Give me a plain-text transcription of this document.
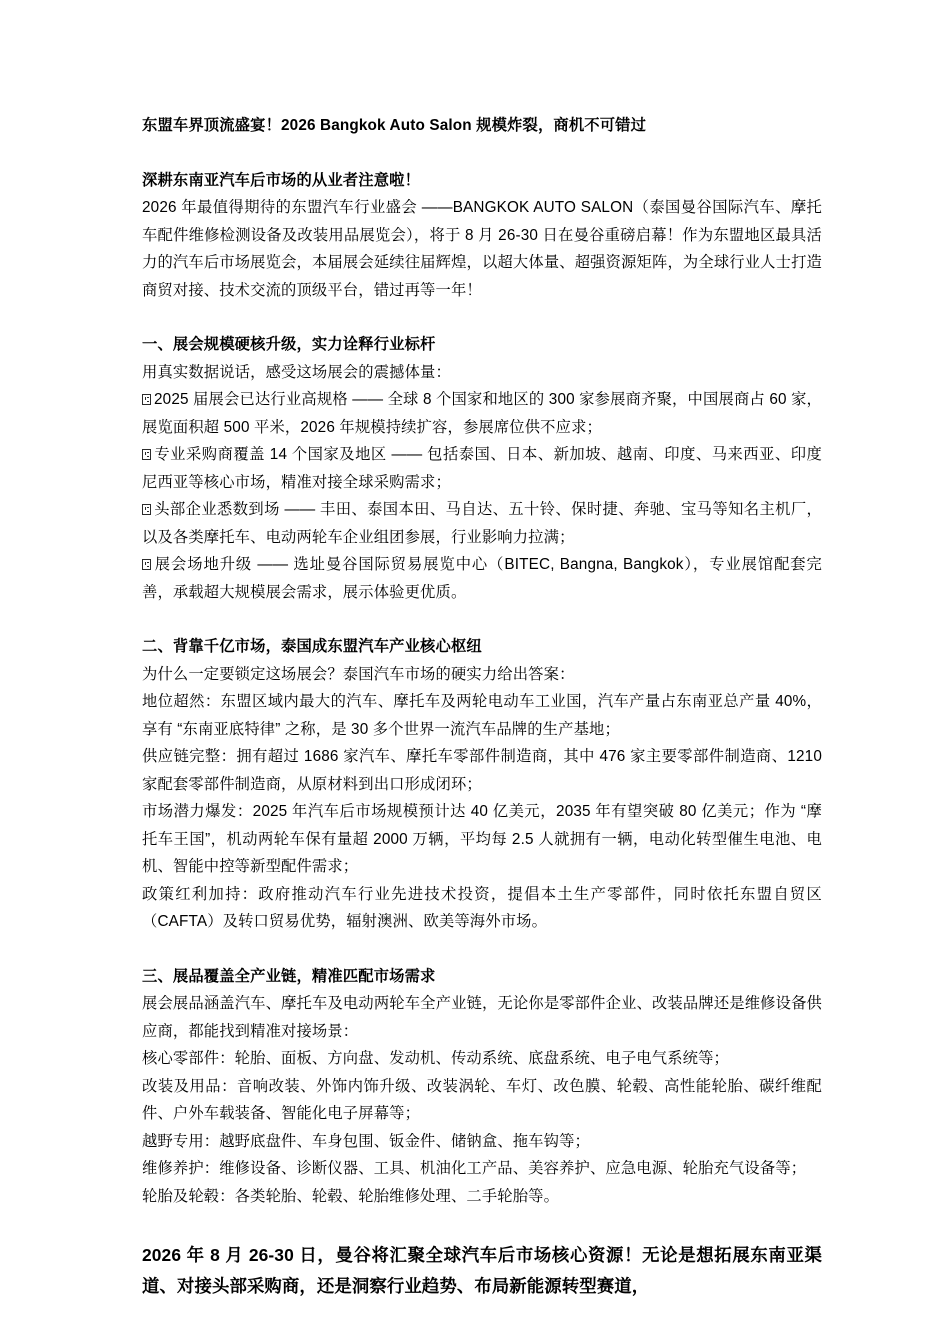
东盟车界顶流盛宴！2026 Bangkok Auto Salon 规模炸裂，商机不可错过

深耕东南亚汽车后市场的从业者注意啦！

2026 年最值得期待的东盟汽车行业盛会 ——BANGKOK AUTO SALON（泰国曼谷国际汽车、摩托车配件维修检测设备及改装用品展览会），将于 8 月 26-30 日在曼谷重磅启幕！作为东盟地区最具活力的汽车后市场展览会，本届展会延续往届辉煌，以超大体量、超强资源矩阵，为全球行业人士打造商贸对接、技术交流的顶级平台，错过再等一年！

一、展会规模硬核升级，实力诠释行业标杆

用真实数据说话，感受这场展会的震撼体量：

2025 届展会已达行业高规格 —— 全球 8 个国家和地区的 300 家参展商齐聚，中国展商占 60 家，展览面积超 500 平米，2026 年规模持续扩容，参展席位供不应求；

专业采购商覆盖 14 个国家及地区 —— 包括泰国、日本、新加坡、越南、印度、马来西亚、印度尼西亚等核心市场，精准对接全球采购需求；

头部企业悉数到场 —— 丰田、泰国本田、马自达、五十铃、保时捷、奔驰、宝马等知名主机厂，以及各类摩托车、电动两轮车企业组团参展，行业影响力拉满；

展会场地升级 —— 选址曼谷国际贸易展览中心（BITEC, Bangna, Bangkok），专业展馆配套完善，承载超大规模展会需求，展示体验更优质。

二、背靠千亿市场，泰国成东盟汽车产业核心枢纽

为什么一定要锁定这场展会？泰国汽车市场的硬实力给出答案：

地位超然：东盟区域内最大的汽车、摩托车及两轮电动车工业国，汽车产量占东南亚总产量 40%，享有 “东南亚底特律” 之称，是 30 多个世界一流汽车品牌的生产基地；

供应链完整：拥有超过 1686 家汽车、摩托车零部件制造商，其中 476 家主要零部件制造商、1210 家配套零部件制造商，从原材料到出口形成闭环；

市场潜力爆发：2025 年汽车后市场规模预计达 40 亿美元，2035 年有望突破 80 亿美元；作为 “摩托车王国”，机动两轮车保有量超 2000 万辆，平均每 2.5 人就拥有一辆，电动化转型催生电池、电机、智能中控等新型配件需求；

政策红利加持：政府推动汽车行业先进技术投资，提倡本土生产零部件，同时依托东盟自贸区（CAFTA）及转口贸易优势，辐射澳洲、欧美等海外市场。

三、展品覆盖全产业链，精准匹配市场需求

展会展品涵盖汽车、摩托车及电动两轮车全产业链，无论你是零部件企业、改装品牌还是维修设备供应商，都能找到精准对接场景：

核心零部件：轮胎、面板、方向盘、发动机、传动系统、底盘系统、电子电气系统等；

改装及用品：音响改装、外饰内饰升级、改装涡轮、车灯、改色膜、轮毂、高性能轮胎、碳纤维配件、户外车载装备、智能化电子屏幕等；

越野专用：越野底盘件、车身包围、钣金件、储钠盒、拖车钩等；

维修养护：维修设备、诊断仪器、工具、机油化工产品、美容养护、应急电源、轮胎充气设备等；

轮胎及轮毂：各类轮胎、轮毂、轮胎维修处理、二手轮胎等。

2026 年 8 月 26-30 日，曼谷将汇聚全球汽车后市场核心资源！无论是想拓展东南亚渠道、对接头部采购商，还是洞察行业趋势、布局新能源转型赛道，
